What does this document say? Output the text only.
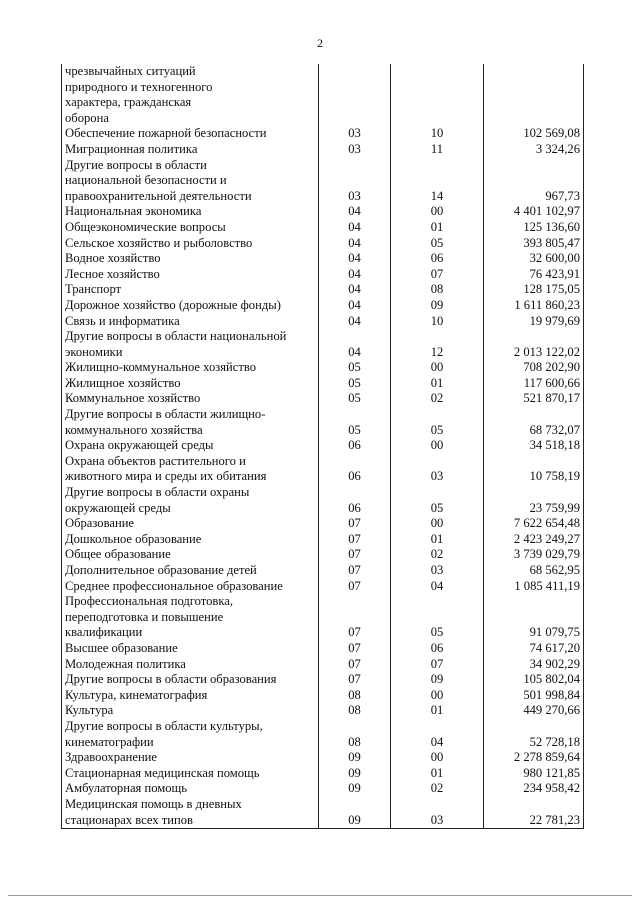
2
чрезвычайных ситуаций природного и техногенного характера, гражданская оборона			

Обеспечение пожарной безопасности	03	10	102 569,08
Миграционная политика	03	11	3 324,26

Другие вопросы в области национальной безопасности и правоохранительной деятельности	03	14	967,73
Национальная экономика	04	00	4 401 102,97
Общеэкономические вопросы	04	01	125 136,60
Сельское хозяйство и рыболовство	04	05	393 805,47
Водное хозяйство	04	06	32 600,00
Лесное хозяйство	04	07	76 423,91
Транспорт	04	08	128 175,05
Дорожное хозяйство (дорожные фонды)	04	09	1 611 860,23
Связь и информатика	04	10	19 979,69

Другие вопросы в области национальной экономики	04	12	2 013 122,02
Жилищно-коммунальное хозяйство	05	00	708 202,90
Жилищное хозяйство	05	01	117 600,66
Коммунальное хозяйство	05	02	521 870,17

Другие вопросы в области жилищно-коммунального хозяйства	05	05	68 732,07
Охрана окружающей среды	06	00	34 518,18

Охрана объектов растительного и животного мира и среды их обитания	06	03	10 758,19

Другие вопросы в области охраны окружающей среды	06	05	23 759,99
Образование	07	00	7 622 654,48
Дошкольное образование	07	01	2 423 249,27
Общее образование	07	02	3 739 029,79
Дополнительное образование детей	07	03	68 562,95
Среднее профессиональное образование	07	04	1 085 411,19

Профессиональная подготовка, переподготовка и повышение квалификации	07	05	91 079,75
Высшее образование	07	06	74 617,20
Молодежная политика	07	07	34 902,29
Другие вопросы в области образования	07	09	105 802,04
Культура, кинематография	08	00	501 998,84
Культура	08	01	449 270,66

Другие вопросы в области культуры, кинематографии	08	04	52 728,18
Здравоохранение	09	00	2 278 859,64
Стационарная медицинская помощь	09	01	980 121,85
Амбулаторная помощь	09	02	234 958,42

Медицинская помощь в дневных стационарах всех типов	09	03	22 781,23
